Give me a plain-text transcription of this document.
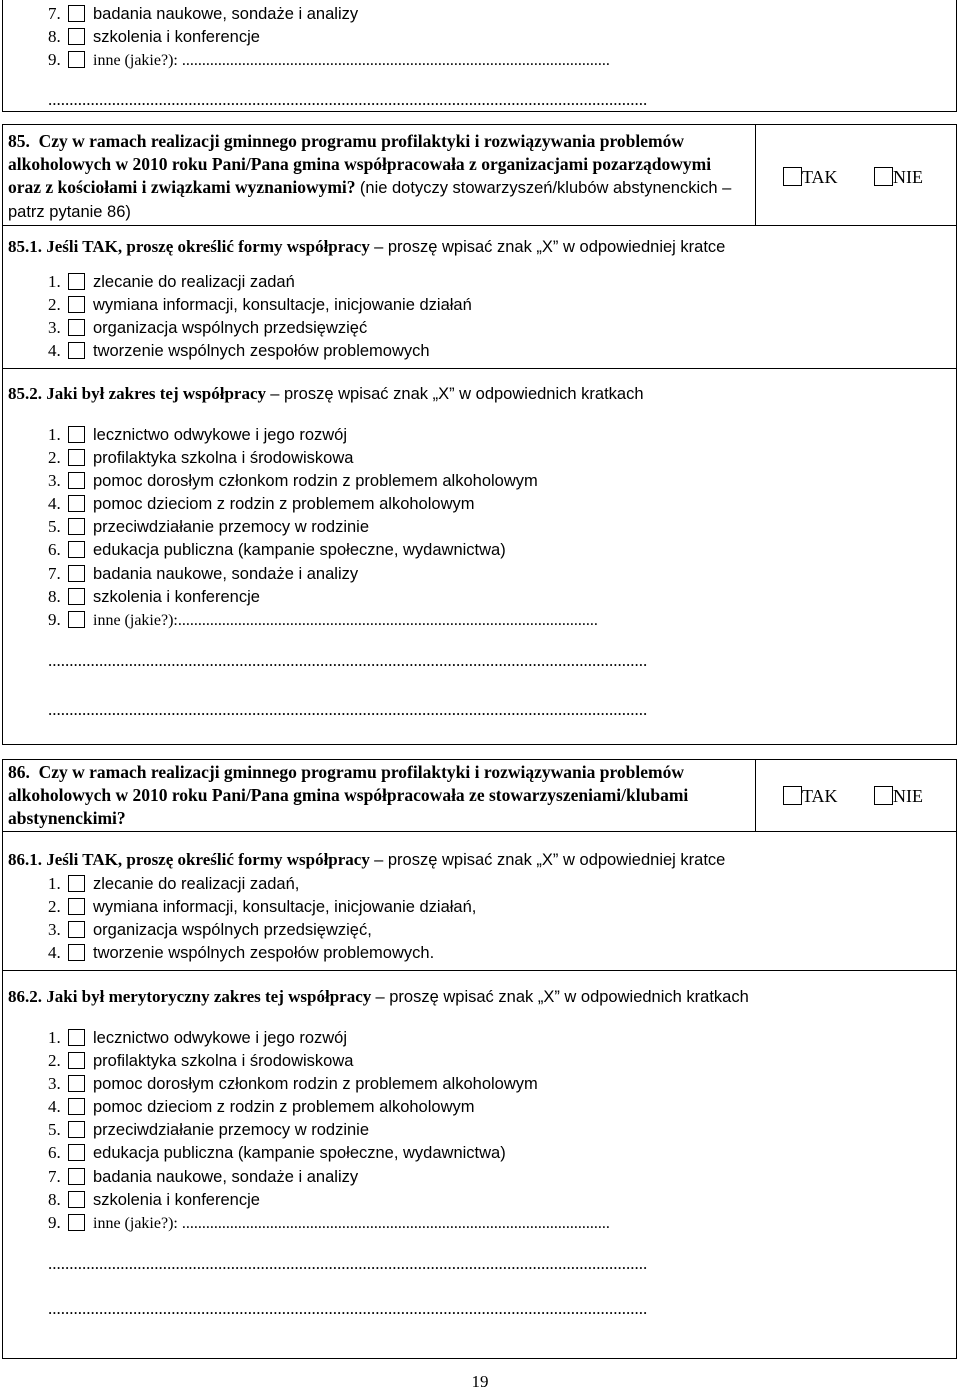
7. badania naukowe, sondaże i analizy
8. szkolenia i konferencje
9. inne (jakie?): ...........................................................................................................
.............................................................................................................................................
85. Czy w ramach realizacji gminnego programu profilaktyki i rozwiązywania problemów alkoholowych w 2010 roku Pani/Pana gmina współpracowała z organizacjami pozarządowymi oraz z kościołami i związkami wyznaniowymi? (nie dotyczy stowarzyszeń/klubów abstynenckich – patrz pytanie 86)
TAK	NIE
85.1. Jeśli TAK, proszę określić formy współpracy – proszę wpisać znak „X” w odpowiedniej kratce
1. zlecanie do realizacji zadań
2. wymiana informacji, konsultacje, inicjowanie działań
3. organizacja wspólnych przedsięwzięć
4. tworzenie wspólnych zespołów problemowych
85.2. Jaki był zakres tej współpracy – proszę wpisać znak „X” w odpowiednich kratkach
1. lecznictwo odwykowe i jego rozwój
2. profilaktyka szkolna i środowiskowa
3. pomoc dorosłym członkom rodzin z problemem alkoholowym
4. pomoc dzieciom z rodzin z problemem alkoholowym
5. przeciwdziałanie przemocy w rodzinie
6. edukacja publiczna (kampanie społeczne, wydawnictwa)
7. badania naukowe, sondaże i analizy
8. szkolenia i konferencje
9. inne (jakie?):.........................................................................................................
.............................................................................................................................................
.............................................................................................................................................
86. Czy w ramach realizacji gminnego programu profilaktyki i rozwiązywania problemów alkoholowych w 2010 roku Pani/Pana gmina współpracowała ze stowarzyszeniami/klubami abstynenckimi?
TAK	NIE
86.1. Jeśli TAK, proszę określić formy współpracy – proszę wpisać znak „X” w odpowiedniej kratce
1. zlecanie do realizacji zadań,
2. wymiana informacji, konsultacje, inicjowanie działań,
3. organizacja wspólnych przedsięwzięć,
4. tworzenie wspólnych zespołów problemowych.
86.2. Jaki był merytoryczny zakres tej współpracy – proszę wpisać znak „X” w odpowiednich kratkach
1. lecznictwo odwykowe i jego rozwój
2. profilaktyka szkolna i środowiskowa
3. pomoc dorosłym członkom rodzin z problemem alkoholowym
4. pomoc dzieciom z rodzin z problemem alkoholowym
5. przeciwdziałanie przemocy w rodzinie
6. edukacja publiczna (kampanie społeczne, wydawnictwa)
7. badania naukowe, sondaże i analizy
8. szkolenia i konferencje
9. inne (jakie?): ...........................................................................................................
.............................................................................................................................................
.............................................................................................................................................
19
